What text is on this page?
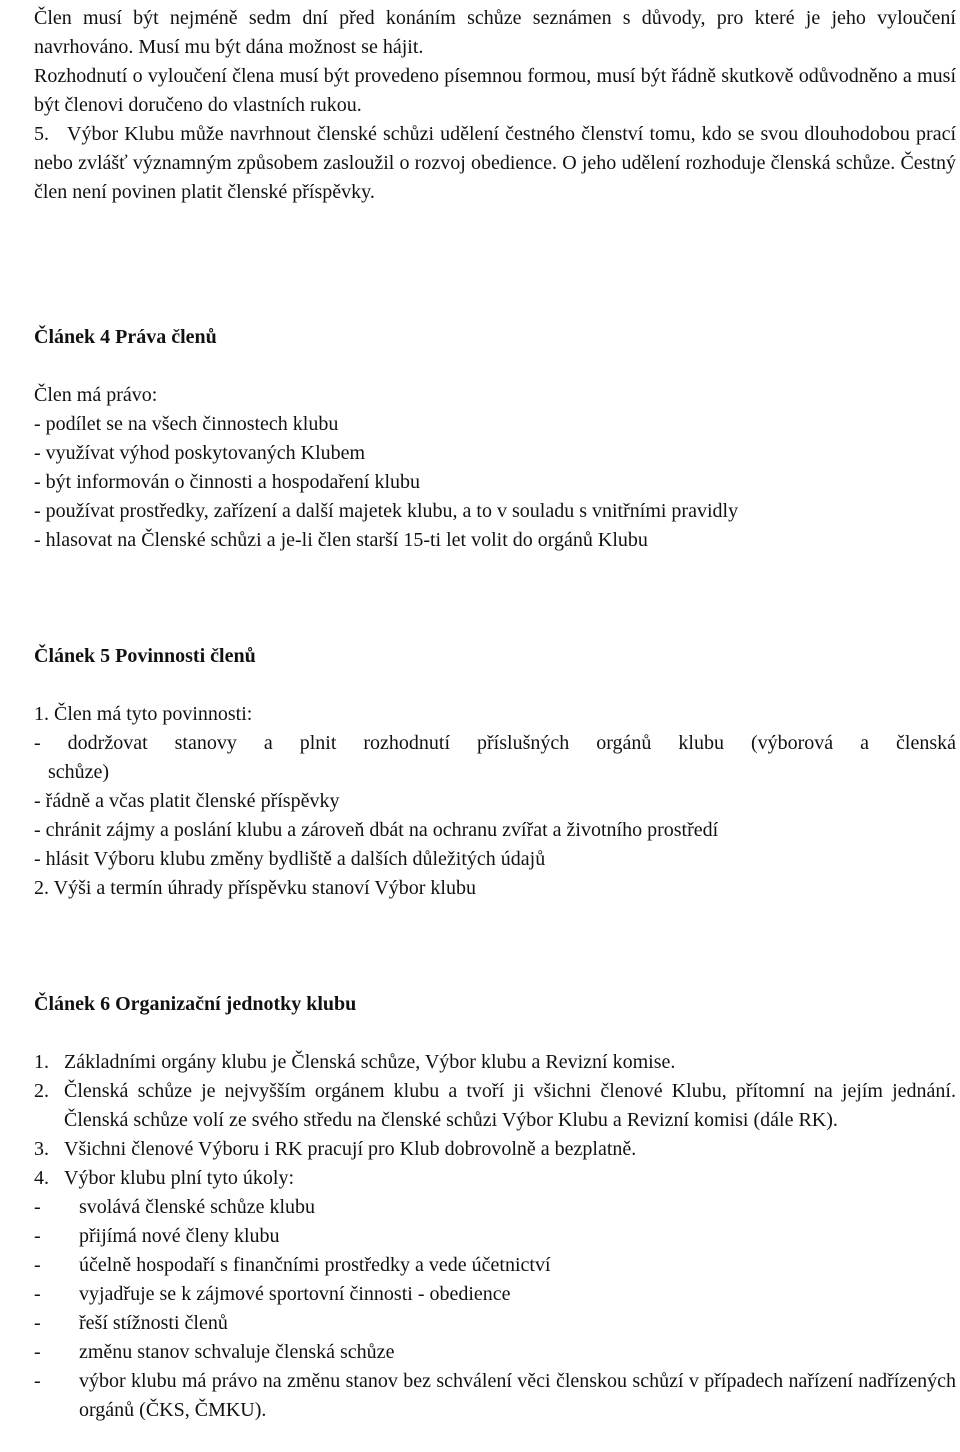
Člen musí být nejméně sedm dní před konáním schůze seznámen s důvody, pro které je jeho vyloučení navrhováno. Musí mu být dána možnost se hájit.

Rozhodnutí o vyloučení člena musí být provedeno písemnou formou, musí být řádně skutkově odůvodněno a musí být členovi doručeno do vlastních rukou.

5. Výbor Klubu může navrhnout členské schůzi udělení čestného členství tomu, kdo se svou dlouhodobou prací nebo zvlášť významným způsobem zasloužil o rozvoj obedience. O jeho udělení rozhoduje členská schůze. Čestný člen není povinen platit členské příspěvky.

Článek 4 Práva členů

Člen má právo:

- podílet se na všech činnostech klubu

- využívat výhod poskytovaných Klubem

- být informován o činnosti a hospodaření klubu

- používat prostředky, zařízení a další majetek klubu, a to v souladu s vnitřními pravidly

- hlasovat na Členské schůzi a je-li člen starší 15-ti let volit do orgánů Klubu

Článek 5 Povinnosti členů

1. Člen má tyto povinnosti:

- dodržovat stanovy a plnit rozhodnutí příslušných orgánů klubu (výborová a členská
schůze)

- řádně a včas platit členské příspěvky

- chránit zájmy a poslání klubu a zároveň dbát na ochranu zvířat a životního prostředí

- hlásit Výboru klubu změny bydliště a dalších důležitých údajů

2. Výši a termín úhrady příspěvku stanoví Výbor klubu

Článek 6 Organizační jednotky klubu

1. Základními orgány klubu je Členská schůze, Výbor klubu a Revizní komise.
2. Členská schůze je nejvyšším orgánem klubu a tvoří ji všichni členové Klubu, přítomní na jejím jednání. Členská schůze volí ze svého středu na členské schůzi Výbor Klubu a Revizní komisi (dále RK).
3. Všichni členové Výboru i RK pracují pro Klub dobrovolně a bezplatně.
4. Výbor klubu plní tyto úkoly:
-	svolává členské schůze klubu
-	přijímá nové členy klubu
-	účelně hospodaří s finančními prostředky a vede účetnictví
-	vyjadřuje se k zájmové sportovní činnosti - obedience
-	řeší stížnosti členů
-	změnu stanov schvaluje členská schůze
-	výbor klubu má právo na změnu stanov bez schválení věci členskou schůzí v případech nařízení nadřízených orgánů (ČKS, ČMKU).
